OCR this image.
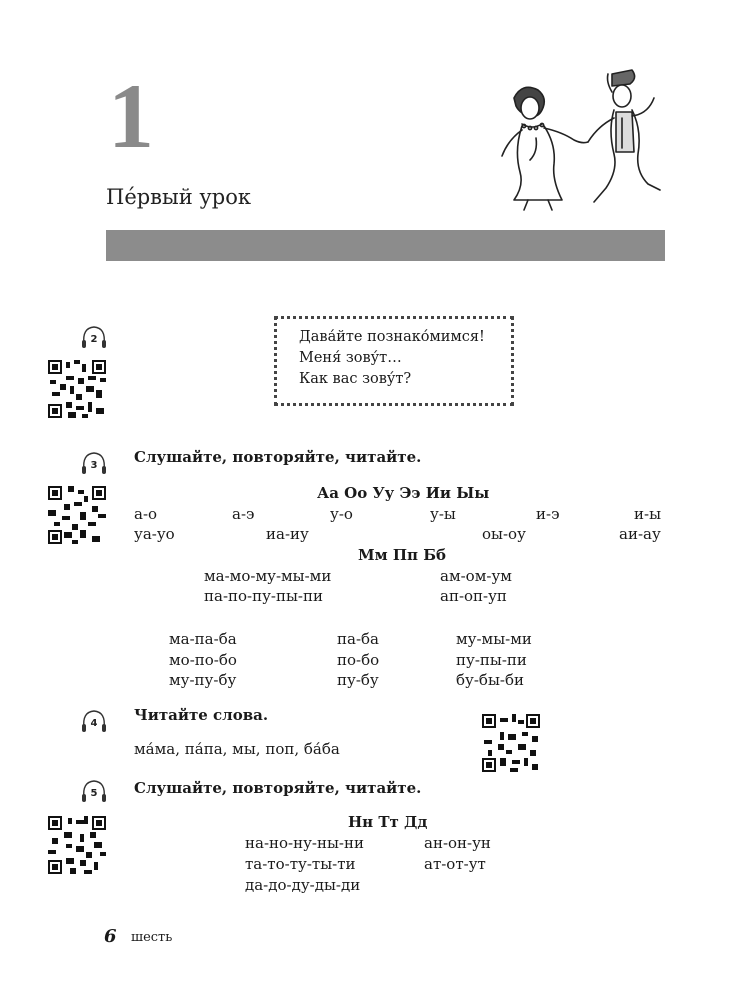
1
Пе́рвый урок
Дава́йте познако́мимся!
Меня́ зову́т…
Как вас зову́т?
2
3
4
5
Слушайте, повторяйте, читайте.
Аа Оо Уу Ээ Ии Ыы
а-о	а-э	у-о	у-ы	и-э	и-ы
уа-уо	иа-иу	оы-оу	аи-ау
Мм Пп Бб
ма-мо-му-мы-ми	ам-ом-ум
па-по-пу-пы-пи	ап-оп-уп
ма-па-ба	па-ба	му-мы-ми
мо-по-бо	по-бо	пу-пы-пи
му-пу-бу	пу-бу	бу-бы-би
Читайте слова.
ма́ма, па́па, мы, поп, ба́ба
Слушайте, повторяйте, читайте.
Нн Тт Дд
на-но-ну-ны-ни	ан-он-ун
та-то-ту-ты-ти	ат-от-ут
да-до-ду-ды-ди
6 шесть
